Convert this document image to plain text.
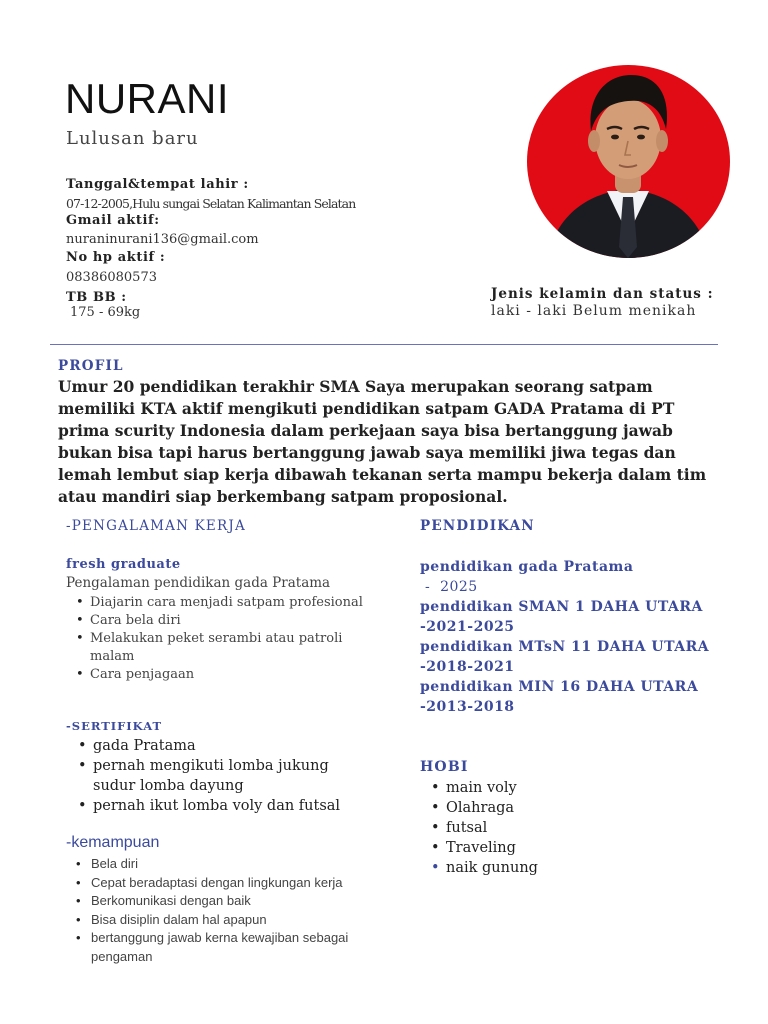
NURANI
Lulusan baru
Tanggal&tempat lahir :
07-12-2005,Hulu sungai Selatan Kalimantan Selatan
Gmail aktif:
nuraninurani136@gmail.com
No hp aktif :
08386080573
TB BB :
175 - 69kg
Jenis kelamin dan status :
laki - laki Belum menikah
PROFIL
Umur 20 pendidikan terakhir SMA Saya merupakan seorang satpam memiliki KTA aktif mengikuti pendidikan satpam GADA Pratama di PT prima scurity Indonesia dalam perkejaan saya bisa bertanggung jawab bukan bisa tapi harus bertanggung jawab saya memiliki jiwa tegas dan lemah lembut siap kerja dibawah tekanan serta mampu bekerja dalam tim atau mandiri siap berkembang satpam proposional.
-PENGALAMAN KERJA
fresh graduate
Pengalaman pendidikan gada Pratama
• Diajarin cara menjadi satpam profesional
• Cara bela diri
• Melakukan peket serambi atau patroli malam
• Cara penjagaan
-SERTIFIKAT
• gada Pratama
• pernah mengikuti lomba jukung sudur lomba dayung
• pernah ikut lomba voly dan futsal
-kemampuan
• Bela diri
• Cepat beradaptasi dengan lingkungan kerja
• Berkomunikasi dengan baik
• Bisa disiplin dalam hal apapun
• bertanggung jawab kerna kewajiban sebagai pengaman
PENDIDIKAN
pendidikan gada Pratama
-  2025
pendidikan SMAN 1 DAHA UTARA
-2021-2025
pendidikan MTsN 11 DAHA UTARA
-2018-2021
pendidikan MIN 16 DAHA UTARA
-2013-2018
HOBI
• main voly
• Olahraga
• futsal
• Traveling
• naik gunung
